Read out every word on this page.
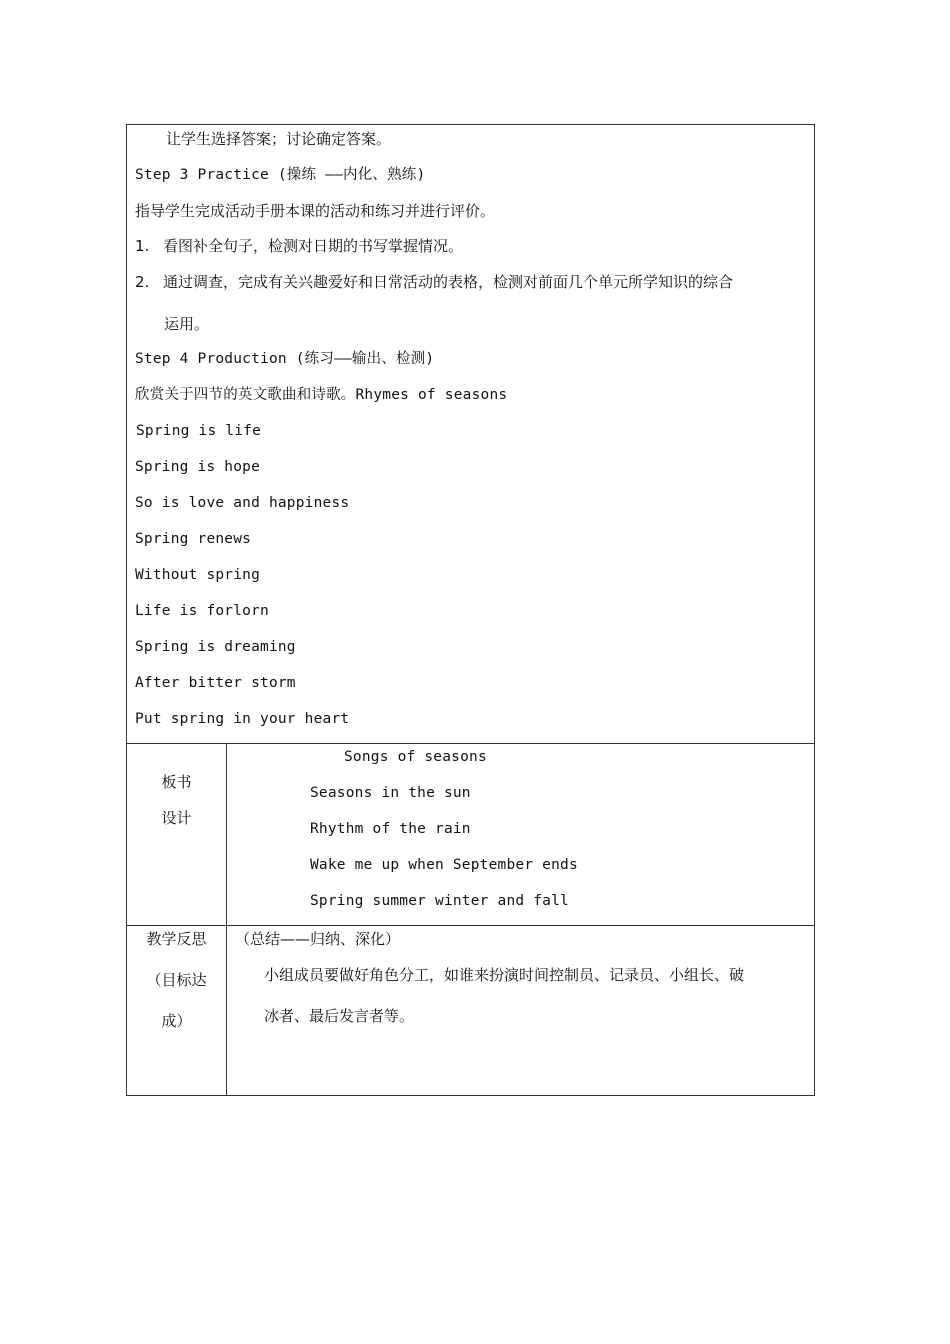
让学生选择答案；讨论确定答案。
Step 3 Practice (操练 ——内化、熟练)
指导学生完成活动手册本课的活动和练习并进行评价。
1. 看图补全句子，检测对日期的书写掌握情况。
2. 通过调查，完成有关兴趣爱好和日常活动的表格，检测对前面几个单元所学知识的综合
运用。
Step 4 Production (练习——输出、检测)
欣赏关于四节的英文歌曲和诗歌。Rhymes of seasons
Spring is life
Spring is hope
So is love and happiness
Spring renews
Without spring
Life is forlorn
Spring is dreaming
After bitter storm
Put spring in your heart
板书
设计
Songs of seasons
Seasons in the sun
Rhythm of the rain
Wake me up when September ends
Spring summer winter and fall
教学反思
（目标达
成）
（总结——归纳、深化）
小组成员要做好角色分工，如谁来扮演时间控制员、记录员、小组长、破
冰者、最后发言者等。
